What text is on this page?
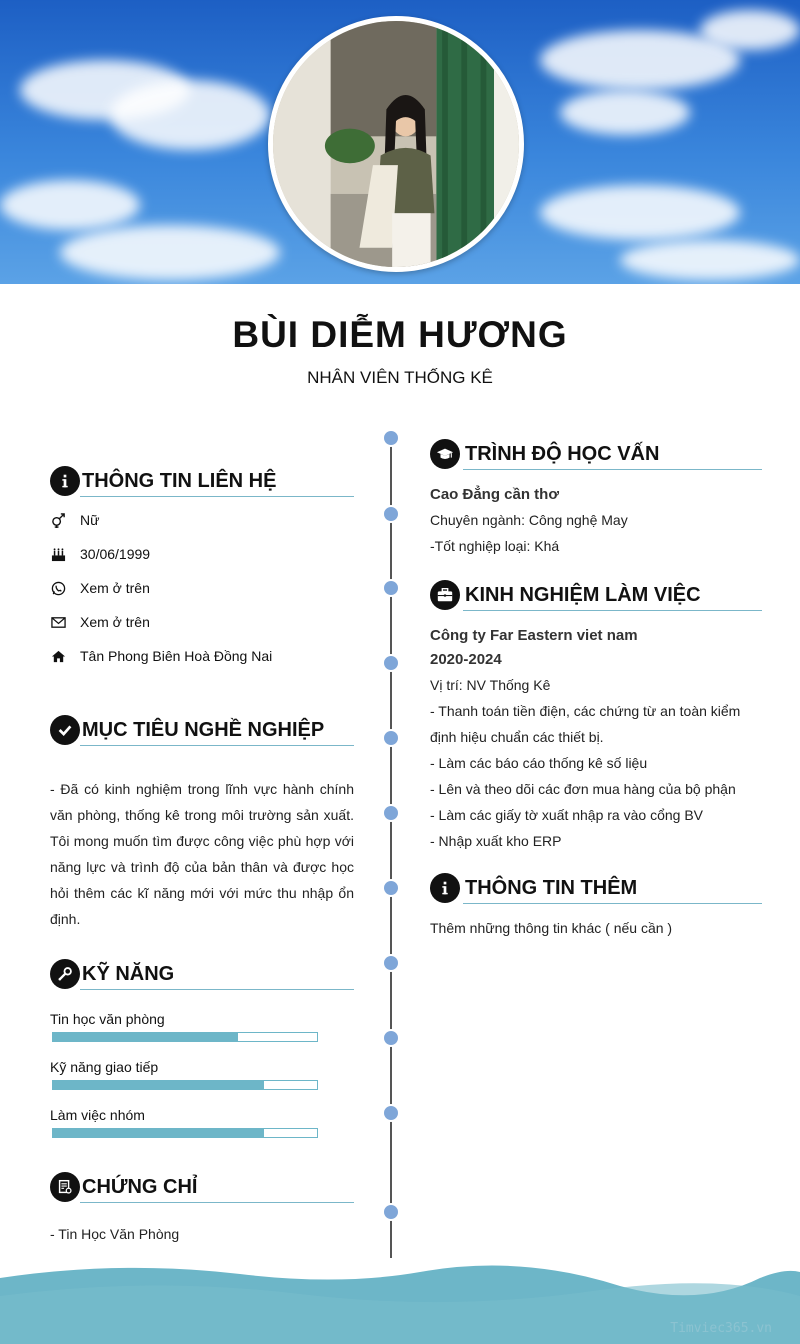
BÙI DIỄM HƯƠNG
NHÂN VIÊN THỐNG KÊ
THÔNG TIN LIÊN HỆ
Nữ
30/06/1999
Xem ở trên
Xem ở trên
Tân Phong Biên Hoà Đồng Nai
MỤC TIÊU NGHỀ NGHIỆP
- Đã có kinh nghiệm trong lĩnh vực hành chính văn phòng, thống kê trong môi trường sản xuất. Tôi mong muốn tìm được công việc phù hợp với năng lực và trình độ của bản thân và được học hỏi thêm các kĩ năng mới với mức thu nhập ổn định.
KỸ NĂNG
Tin học văn phòng
Kỹ năng giao tiếp
Làm việc nhóm
CHỨNG CHỈ
- Tin Học Văn Phòng
TRÌNH ĐỘ HỌC VẤN
Cao Đẳng cần thơ
Chuyên ngành: Công nghệ May
-Tốt nghiệp loại: Khá
KINH NGHIỆM LÀM VIỆC
Công ty Far Eastern viet nam
2020-2024
Vị trí: NV Thống Kê
- Thanh toán tiền điện, các chứng từ an toàn kiểm định hiệu chuẩn các thiết bị.
- Làm các báo cáo thống kê số liệu
- Lên và theo dõi các đơn mua hàng của bộ phận
- Làm các giấy tờ xuất nhập ra vào cổng BV
- Nhập xuất kho ERP
THÔNG TIN THÊM
Thêm những thông tin khác ( nếu cần )
Timviec365.vn
